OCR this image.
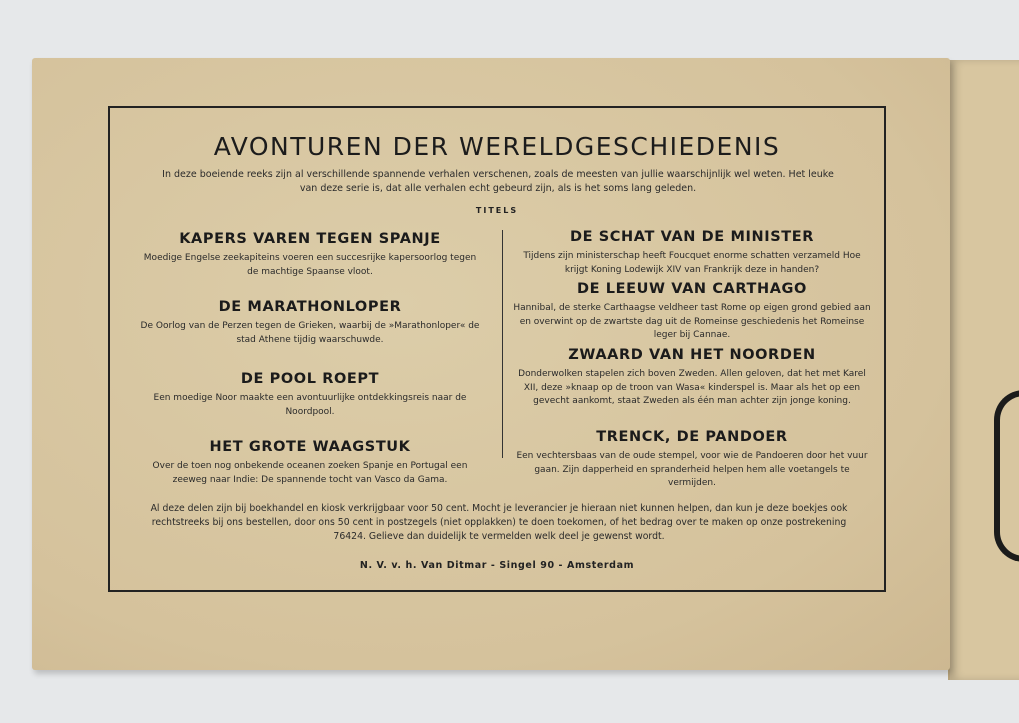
AVONTUREN DER WERELDGESCHIEDENIS
In deze boeiende reeks zijn al verschillende spannende verhalen verschenen, zoals de meesten van jullie waarschijnlijk wel weten. Het leuke van deze serie is, dat alle verhalen echt gebeurd zijn, als is het soms lang geleden.
TITELS
KAPERS VAREN TEGEN SPANJE
Moedige Engelse zeekapiteins voeren een succesrijke kapersoorlog tegen de machtige Spaanse vloot.
DE MARATHONLOPER
De Oorlog van de Perzen tegen de Grieken, waarbij de »Marathonloper« de stad Athene tijdig waarschuwde.
DE POOL ROEPT
Een moedige Noor maakte een avontuurlijke ontdekkingsreis naar de Noordpool.
HET GROTE WAAGSTUK
Over de toen nog onbekende oceanen zoeken Spanje en Portugal een zeeweg naar Indie: De spannende tocht van Vasco da Gama.
DE SCHAT VAN DE MINISTER
Tijdens zijn ministerschap heeft Foucquet enorme schatten verzameld Hoe krijgt Koning Lodewijk XIV van Frankrijk deze in handen?
DE LEEUW VAN CARTHAGO
Hannibal, de sterke Carthaagse veldheer tast Rome op eigen grond gebied aan en overwint op de zwartste dag uit de Romeinse geschiedenis het Romeinse leger bij Cannae.
ZWAARD VAN HET NOORDEN
Donderwolken stapelen zich boven Zweden. Allen geloven, dat het met Karel XII, deze »knaap op de troon van Wasa« kinderspel is. Maar als het op een gevecht aankomt, staat Zweden als één man achter zijn jonge koning.
TRENCK, DE PANDOER
Een vechtersbaas van de oude stempel, voor wie de Pandoeren door het vuur gaan. Zijn dapperheid en spranderheid helpen hem alle voetangels te vermijden.
Al deze delen zijn bij boekhandel en kiosk verkrijgbaar voor 50 cent. Mocht je leverancier je hieraan niet kunnen helpen, dan kun je deze boekjes ook rechtstreeks bij ons bestellen, door ons 50 cent in postzegels (niet opplakken) te doen toekomen, of het bedrag over te maken op onze postrekening 76424. Gelieve dan duidelijk te vermelden welk deel je gewenst wordt.
N. V. v. h. Van Ditmar - Singel 90 - Amsterdam
